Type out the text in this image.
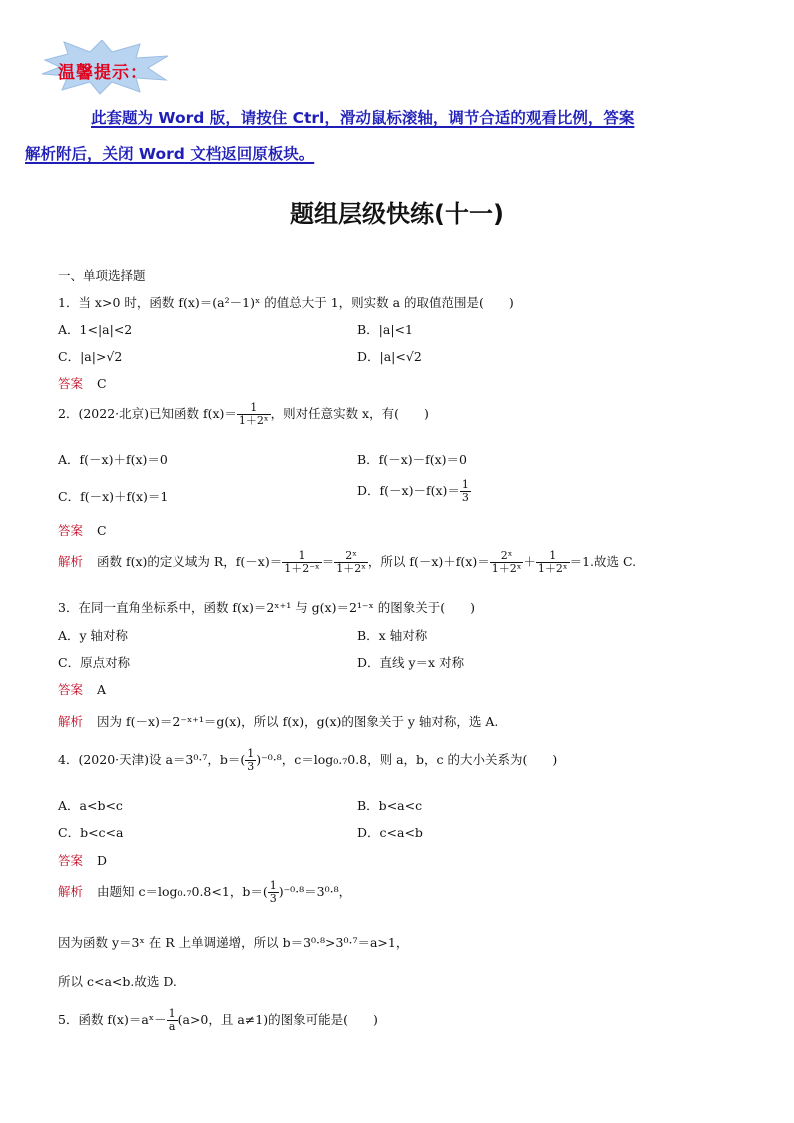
温馨提示：
此套题为 Word 版，请按住 Ctrl，滑动鼠标滚轴，调节合适的观看比例，答案
解析附后，关闭 Word 文档返回原板块。
题组层级快练(十一)
一、单项选择题
1．当 x>0 时，函数 f(x)＝(a²－1)ˣ 的值总大于 1，则实数 a 的取值范围是(　　)
A．1<|a|<2	B．|a|<1
C．|a|>√2	D．|a|<√2
答案 C
2．(2022·北京)已知函数 $f(x)= \frac{1}{\text{1＋2ˣ}}$ ，则对任意实数 x，有(　　)
A．f(－x)＋f(x)＝0	B．f(－x)－f(x)＝0
C．f(－x)＋f(x)＝1	D．$f(-x)-f(x)= \frac{1}{3}$
答案 C
解析 函数 f(x)的定义域为 R，$f(-x)= \frac{1}{\text{1＋2⁻ˣ}} = \frac{\text{2ˣ}}{\text{1＋2ˣ}}$ ，所以 $f(-x)+f(x)= \frac{\text{2ˣ}}{\text{1＋2ˣ}} + \frac{1}{\text{1＋2ˣ}} =1$.故选 C.
3．在同一直角坐标系中，函数 f(x)＝2ˣ⁺¹ 与 g(x)＝2¹⁻ˣ 的图象关于(　　)
A．y 轴对称	B．x 轴对称
C．原点对称	D．直线 y＝x 对称
答案 A
解析 因为 f(－x)＝2⁻ˣ⁺¹＝g(x)，所以 f(x)，g(x)的图象关于 y 轴对称，选 A.
4．(2020·天津)设 a＝3⁰·⁷，$b=( \frac{1}{3} )^{-0}\cdot^8$，c＝log₀.₇0.8，则 a，b，c 的大小关系为(　　)
A．a<b<c	B．b<a<c
C．b<c<a	D．c<a<b
答案 D
解析 由题知 c＝log₀.₇0.8<1，$b=( \frac{1}{3} )^{-0}\cdot^8=3^0\cdot^8$，
因为函数 y＝3ˣ 在 R 上单调递增，所以 b＝3⁰·⁸>3⁰·⁷＝a>1，
所以 c<a<b.故选 D.
5．函数 f(x)＝aˣ－ $\frac{1}{a} (a>0$，且 a≠1)的图象可能是(　　)
